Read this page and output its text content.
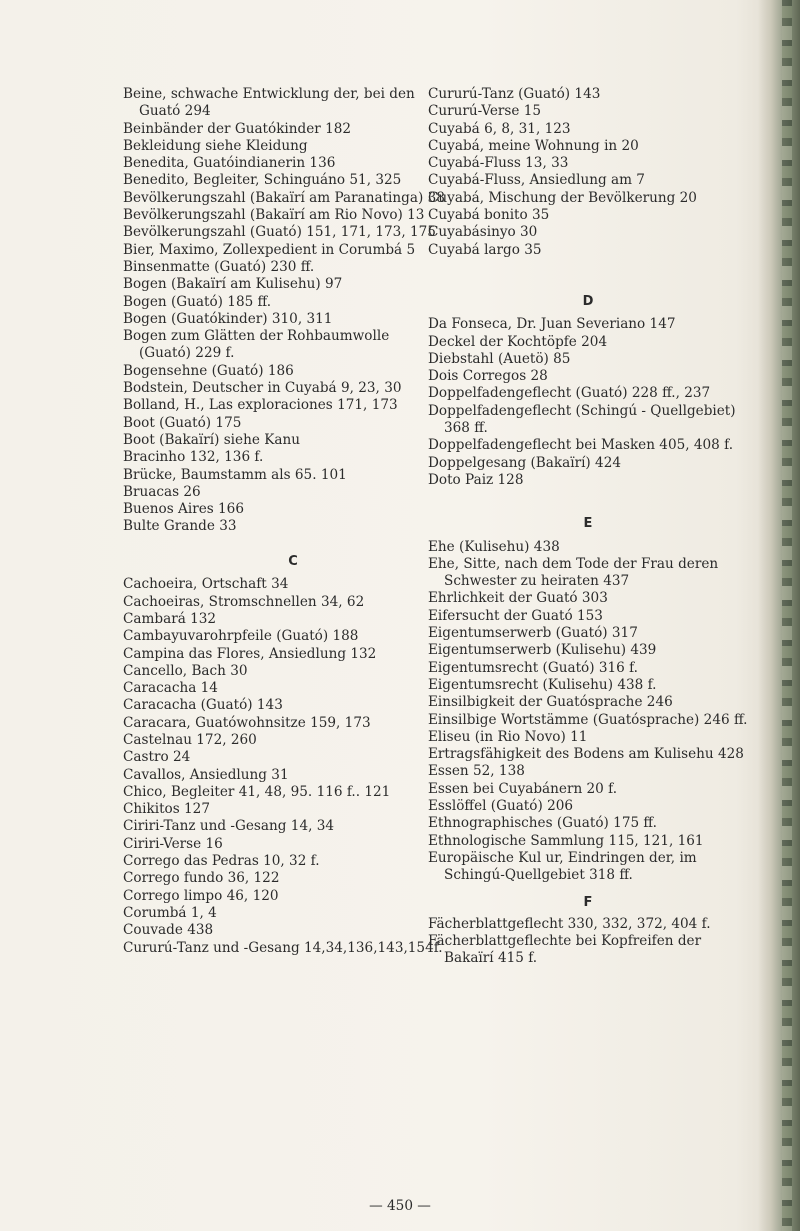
Beine, schwache Entwicklung der, bei den

Guató 294

Beinbänder der Guatókinder 182

Bekleidung siehe Kleidung

Benedita, Guatóindianerin 136

Benedito, Begleiter, Schinguáno 51, 325

Bevölkerungszahl (Bakaïrí am Paranatinga) 38

Bevölkerungszahl (Bakaïrí am Rio Novo) 13

Bevölkerungszahl (Guató) 151, 171, 173, 175

Bier, Maximo, Zollexpedient in Corumbá 5

Binsenmatte (Guató) 230 ff.

Bogen (Bakaïrí am Kulisehu) 97

Bogen (Guató) 185 ff.

Bogen (Guatókinder) 310, 311

Bogen zum Glätten der Rohbaumwolle

(Guató) 229 f.

Bogensehne (Guató) 186

Bodstein, Deutscher in Cuyabá 9, 23, 30

Bolland, H., Las exploraciones 171, 173

Boot (Guató) 175

Boot (Bakaïrí) siehe Kanu

Bracinho 132, 136 f.

Brücke, Baumstamm als 65. 101

Bruacas 26

Buenos Aires 166

Bulte Grande 33

C

Cachoeira, Ortschaft 34

Cachoeiras, Stromschnellen 34, 62

Cambará 132

Cambayuvarohrpfeile (Guató) 188

Campina das Flores, Ansiedlung 132

Cancello, Bach 30

Caracacha 14

Caracacha (Guató) 143

Caracara, Guatówohnsitze 159, 173

Castelnau 172, 260

Castro 24

Cavallos, Ansiedlung 31

Chico, Begleiter 41, 48, 95. 116 f.. 121

Chikitos 127

Ciriri-Tanz und -Gesang 14, 34

Ciriri-Verse 16

Corrego das Pedras 10, 32 f.

Corrego fundo 36, 122

Corrego limpo 46, 120

Corumbá 1, 4

Couvade 438

Cururú-Tanz und -Gesang 14,34,136,143,154f.

Cururú-Tanz (Guató) 143

Cururú-Verse 15

Cuyabá 6, 8, 31, 123

Cuyabá, meine Wohnung in 20

Cuyabá-Fluss 13, 33

Cuyabá-Fluss, Ansiedlung am 7

Cuyabá, Mischung der Bevölkerung 20

Cuyabá bonito 35

Cuyabásinyo 30

Cuyabá largo 35

D

Da Fonseca, Dr. Juan Severiano 147

Deckel der Kochtöpfe 204

Diebstahl (Auetö) 85

Dois Corregos 28

Doppelfadengeflecht (Guató) 228 ff., 237

Doppelfadengeflecht (Schingú - Quellgebiet)

368 ff.

Doppelfadengeflecht bei Masken 405, 408 f.

Doppelgesang (Bakaïrí) 424

Doto Paiz 128

E

Ehe (Kulisehu) 438

Ehe, Sitte, nach dem Tode der Frau deren

Schwester zu heiraten 437

Ehrlichkeit der Guató 303

Eifersucht der Guató 153

Eigentumserwerb (Guató) 317

Eigentumserwerb (Kulisehu) 439

Eigentumsrecht (Guató) 316 f.

Eigentumsrecht (Kulisehu) 438 f.

Einsilbigkeit der Guatósprache 246

Einsilbige Wortstämme (Guatósprache) 246 ff.

Eliseu (in Rio Novo) 11

Ertragsfähigkeit des Bodens am Kulisehu 428

Essen 52, 138

Essen bei Cuyabánern 20 f.

Esslöffel (Guató) 206

Ethnographisches (Guató) 175 ff.

Ethnologische Sammlung 115, 121, 161

Europäische Kul ur, Eindringen der, im

Schingú-Quellgebiet 318 ff.

F

Fächerblattgeflecht 330, 332, 372, 404 f.

Fächerblattgeflechte bei Kopfreifen der

Bakaïrí 415 f.

— 450 —
